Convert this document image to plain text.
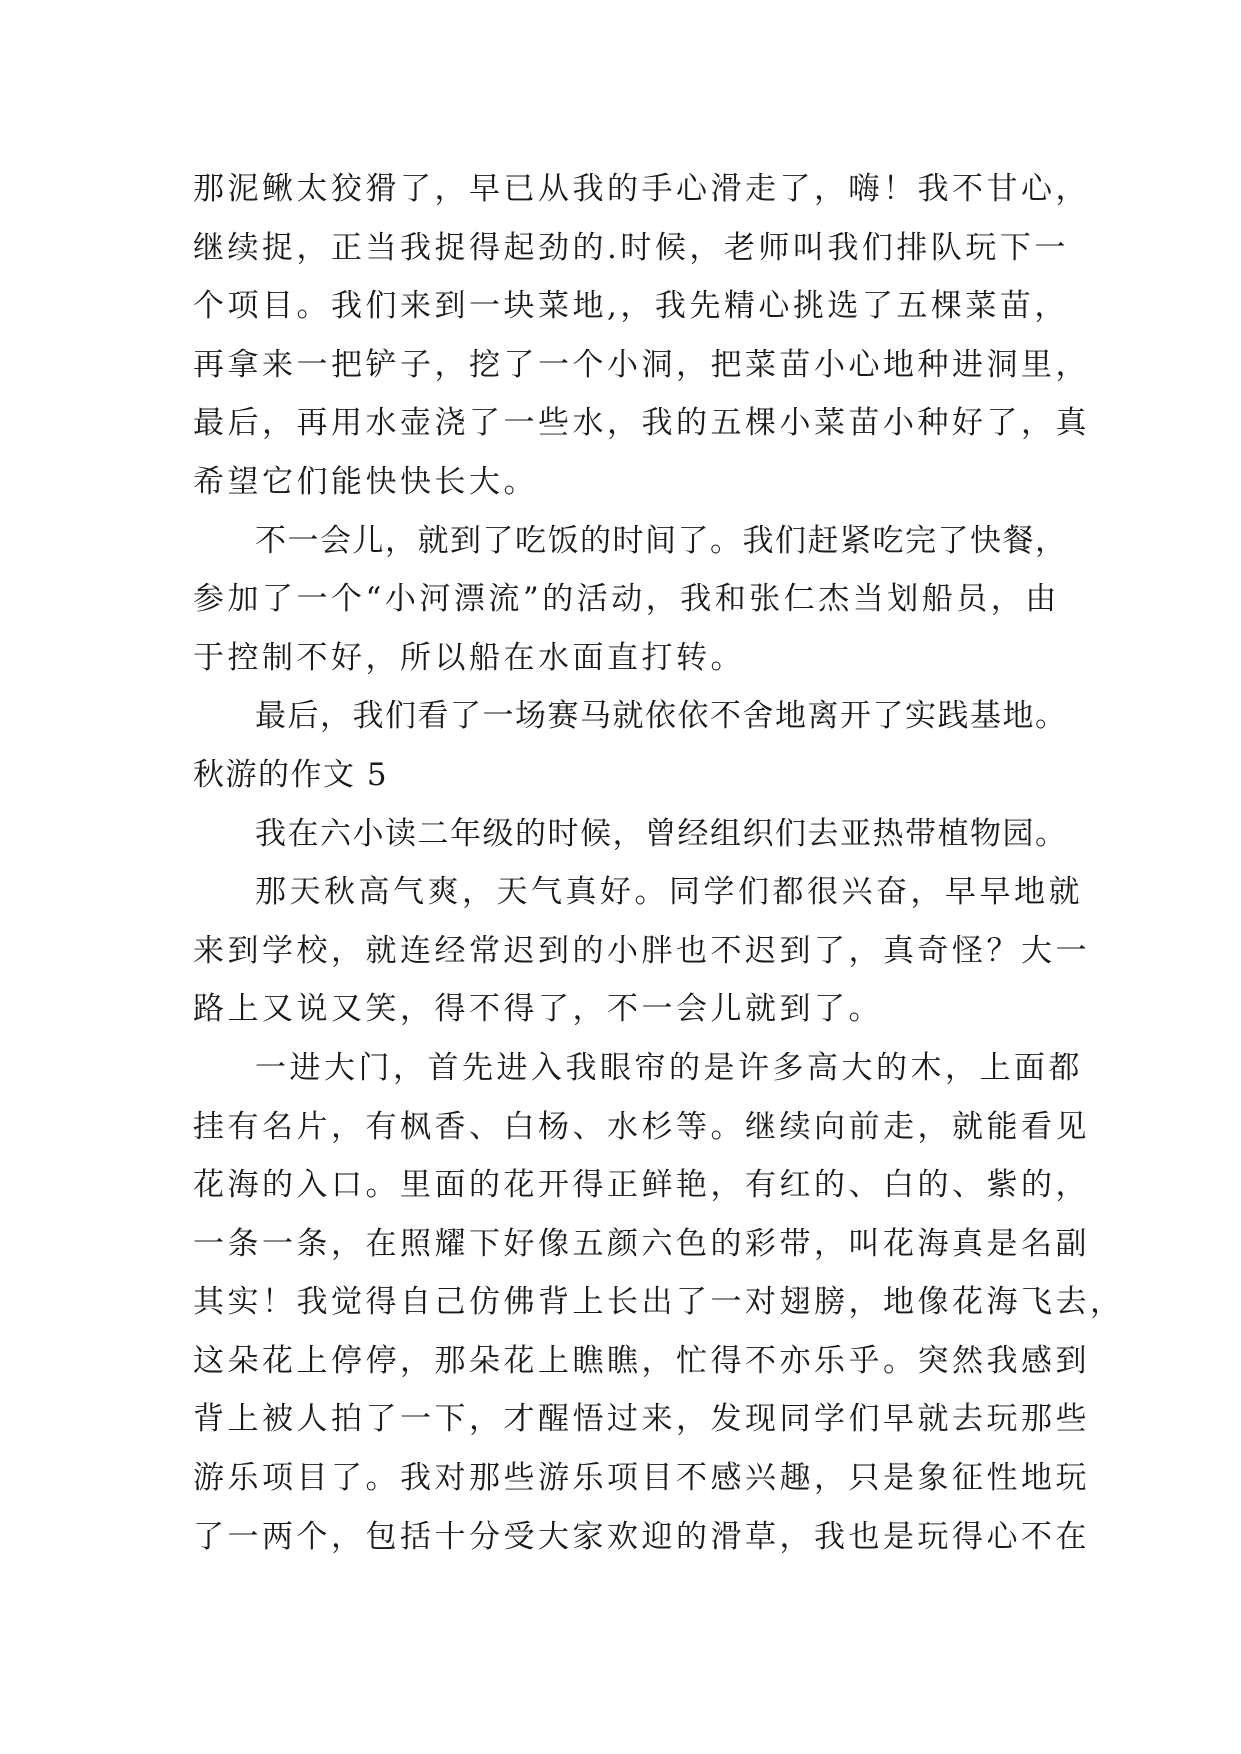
那泥鳅太狡猾了，早已从我的手心滑走了，嗨！我不甘心，
继续捉，正当我捉得起劲的.时候，老师叫我们排队玩下一
个项目。我们来到一块菜地,，我先精心挑选了五棵菜苗，
再拿来一把铲子，挖了一个小洞，把菜苗小心地种进洞里，
最后，再用水壶浇了一些水，我的五棵小菜苗小种好了，真
希望它们能快快长大。
不一会儿，就到了吃饭的时间了。我们赶紧吃完了快餐，
参加了一个“小河漂流”的活动，我和张仁杰当划船员，由
于控制不好，所以船在水面直打转。
最后，我们看了一场赛马就依依不舍地离开了实践基地。
秋游的作文 5
我在六小读二年级的时候，曾经组织们去亚热带植物园。
那天秋高气爽，天气真好。同学们都很兴奋，早早地就
来到学校，就连经常迟到的小胖也不迟到了，真奇怪？大一
路上又说又笑，得不得了，不一会儿就到了。
一进大门，首先进入我眼帘的是许多高大的木，上面都
挂有名片，有枫香、白杨、水杉等。继续向前走，就能看见
花海的入口。里面的花开得正鲜艳，有红的、白的、紫的，
一条一条，在照耀下好像五颜六色的彩带，叫花海真是名副
其实！我觉得自己仿佛背上长出了一对翅膀，地像花海飞去，
这朵花上停停，那朵花上瞧瞧，忙得不亦乐乎。突然我感到
背上被人拍了一下，才醒悟过来，发现同学们早就去玩那些
游乐项目了。我对那些游乐项目不感兴趣，只是象征性地玩
了一两个，包括十分受大家欢迎的滑草，我也是玩得心不在
